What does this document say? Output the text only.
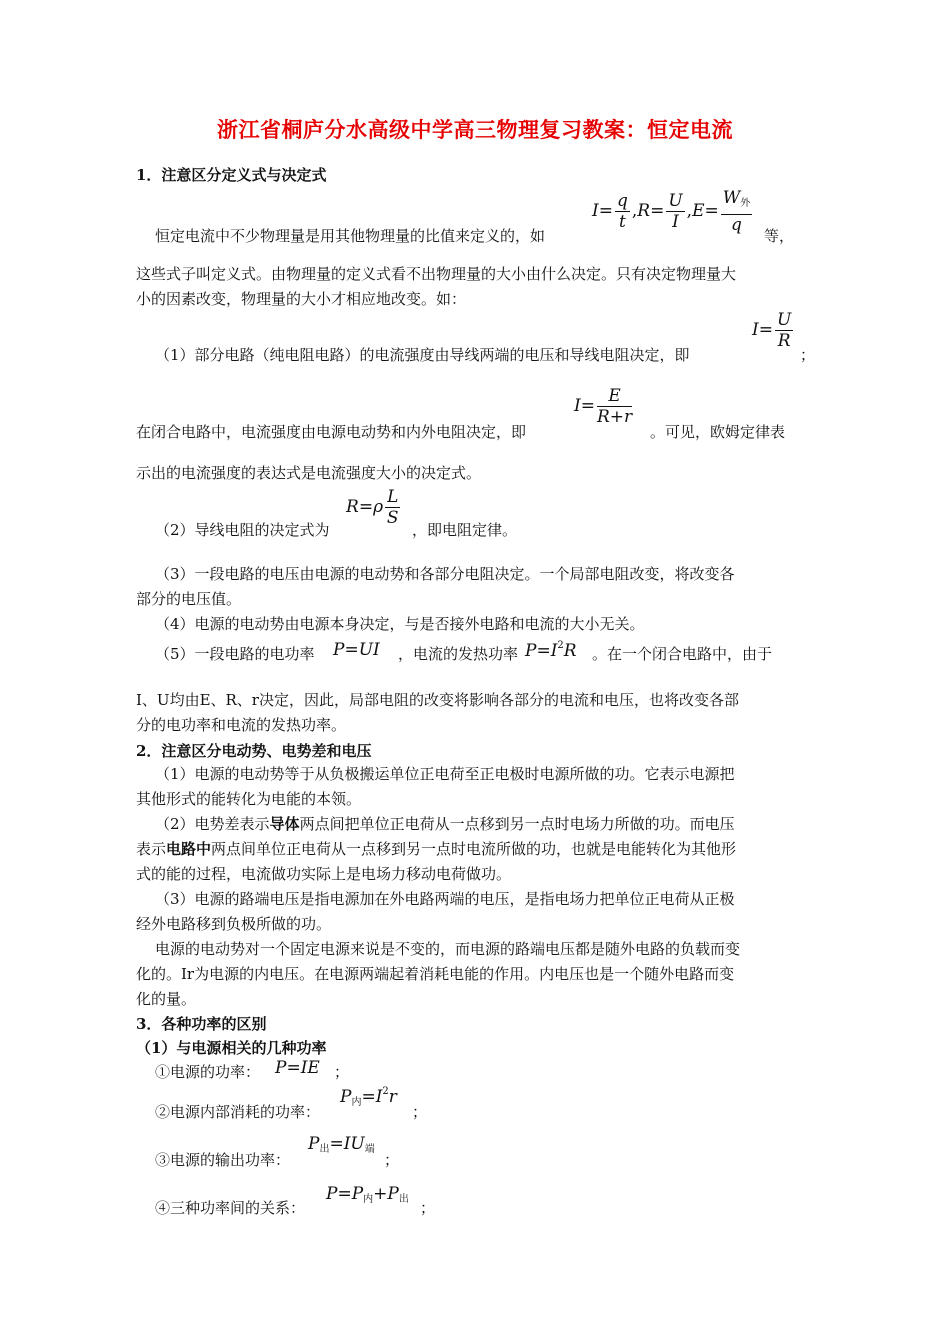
浙江省桐庐分水高级中学高三物理复习教案：恒定电流
1．注意区分定义式与决定式
恒定电流中不少物理量是用其他物理量的比值来定义的，如
$I= \frac{q}{t} ,R= \frac{U}{I} ,E= \frac{W_外}{q}$
等，
这些式子叫定义式。由物理量的定义式看不出物理量的大小由什么决定。只有决定物理量大
小的因素改变，物理量的大小才相应地改变。如：
（1）部分电路（纯电阻电路）的电流强度由导线两端的电压和导线电阻决定，即
$I= \frac{U}{R}$
；
在闭合电路中，电流强度由电源电动势和内外电阻决定，即
$I= \frac{E}{R+r}$
。可见，欧姆定律表
示出的电流强度的表达式是电流强度大小的决定式。
（2）导线电阻的决定式为
$R=\rho \frac{L}{S}$
，即电阻定律。
（3）一段电路的电压由电源的电动势和各部分电阻决定。一个局部电阻改变，将改变各
部分的电压值。
（4）电源的电动势由电源本身决定，与是否接外电路和电流的大小无关。
（5）一段电路的电功率 P=UI ，电流的发热功率 $P=I^2R$ 。在一个闭合电路中，由于
I、U均由E、R、r决定，因此，局部电阻的改变将影响各部分的电流和电压，也将改变各部
分的电功率和电流的发热功率。
2．注意区分电动势、电势差和电压
（1）电源的电动势等于从负极搬运单位正电荷至正电极时电源所做的功。它表示电源把
其他形式的能转化为电能的本领。
（2）电势差表示导体两点间把单位正电荷从一点移到另一点时电场力所做的功。而电压
表示电路中两点间单位正电荷从一点移到另一点时电流所做的功，也就是电能转化为其他形
式的能的过程，电流做功实际上是电场力移动电荷做功。
（3）电源的路端电压是指电源加在外电路两端的电压，是指电场力把单位正电荷从正极
经外电路移到负极所做的功。
电源的电动势对一个固定电源来说是不变的，而电源的路端电压都是随外电路的负载而变
化的。Ir为电源的内电压。在电源两端起着消耗电能的作用。内电压也是一个随外电路而变
化的量。
3．各种功率的区别
（1）与电源相关的几种功率
①电源的功率： P=IE ；
②电源内部消耗的功率：
$P_内=I^2r$
；
③电源的输出功率：
$P_出=IU_端$
；
④三种功率间的关系：
$P=P_内+P_出$ ；
